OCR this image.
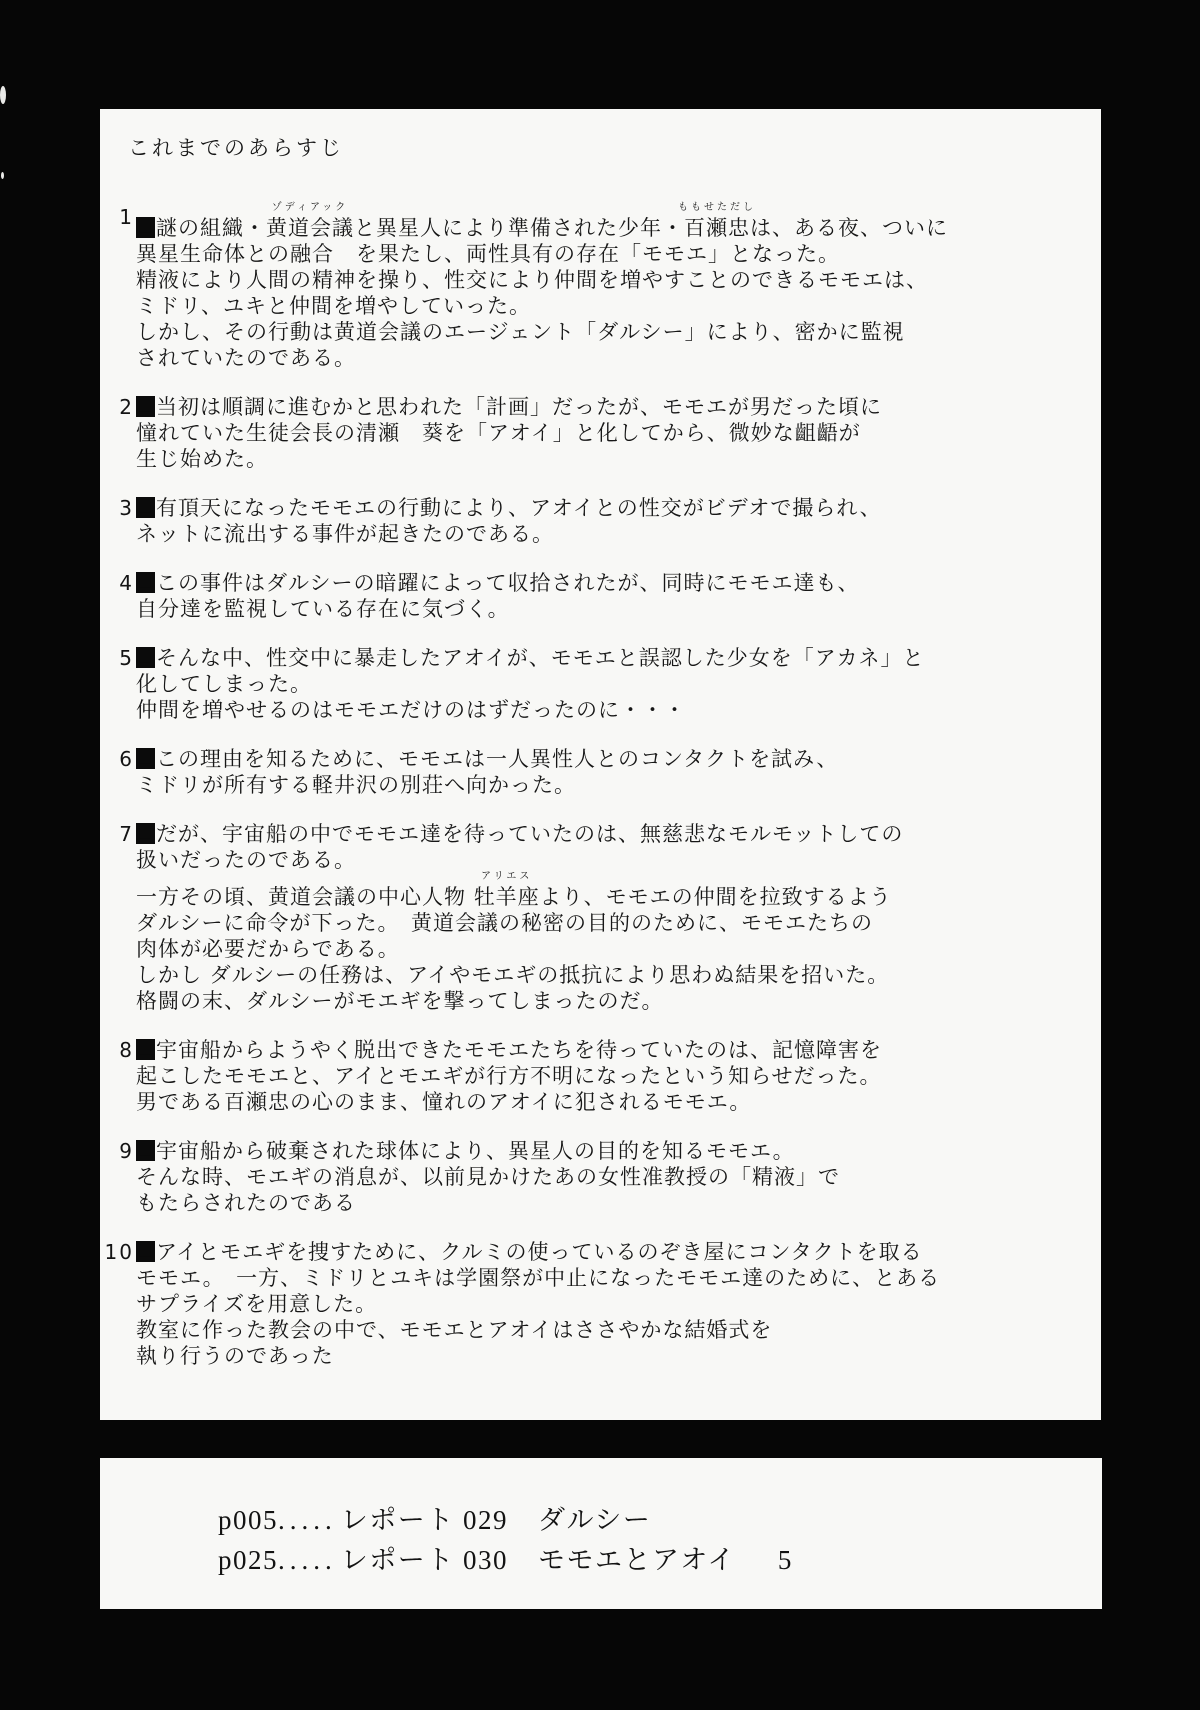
これまでのあらすじ
1 ■ 謎の組織・黄道会議
ゾディアック
と異星人により準備された少年・百瀬忠
ももせただし
は、ある夜、ついに
異星生命体との融合　を果たし、両性具有の存在「モモエ」となった。
精液により人間の精神を操り、性交により仲間を増やすことのできるモモエは、
ミドリ、ユキと仲間を増やしていった。
しかし、その行動は黄道会議のエージェント「ダルシー」により、密かに監視
されていたのである。
2 ■ 当初は順調に進むかと思われた「計画」だったが、モモエが男だった頃に
憧れていた生徒会長の清瀬　葵を「アオイ」と化してから、微妙な齟齬が
生じ始めた。
3 ■ 有頂天になったモモエの行動により、アオイとの性交がビデオで撮られ、
ネットに流出する事件が起きたのである。
4 ■ この事件はダルシーの暗躍によって収拾されたが、同時にモモエ達も、
自分達を監視している存在に気づく。
5 ■ そんな中、性交中に暴走したアオイが、モモエと誤認した少女を「アカネ」と
化してしまった。
仲間を増やせるのはモモエだけのはずだったのに・・・
6 ■ この理由を知るために、モモエは一人異性人とのコンタクトを試み、
ミドリが所有する軽井沢の別荘へ向かった。
7 ■ だが、宇宙船の中でモモエ達を待っていたのは、無慈悲なモルモットしての
扱いだったのである。
一方その頃、黄道会議の中心人物 牡羊座
アリエス
より、モモエの仲間を拉致するよう
ダルシーに命令が下った。　黄道会議の秘密の目的のために、モモエたちの
肉体が必要だからである。
しかし ダルシーの任務は、アイやモエギの抵抗により思わぬ結果を招いた。
格闘の末、ダルシーがモエギを撃ってしまったのだ。
8 ■ 宇宙船からようやく脱出できたモモエたちを待っていたのは、記憶障害を
起こしたモモエと、アイとモエギが行方不明になったという知らせだった。
男である百瀬忠の心のまま、憧れのアオイに犯されるモモエ。
9 ■ 宇宙船から破棄された球体により、異星人の目的を知るモモエ。
そんな時、モエギの消息が、以前見かけたあの女性准教授の「精液」で
もたらされたのである
10 ■ アイとモエギを捜すために、クルミの使っているのぞき屋にコンタクトを取る
モモエ。　一方、ミドリとユキは学園祭が中止になったモモエ達のために、とある
サプライズを用意した。
教室に作った教会の中で、モモエとアオイはささやかな結婚式を
執り行うのであった
p005..... レポート 029 ダルシー
p025..... レポート 030 モモエとアオイ 5
